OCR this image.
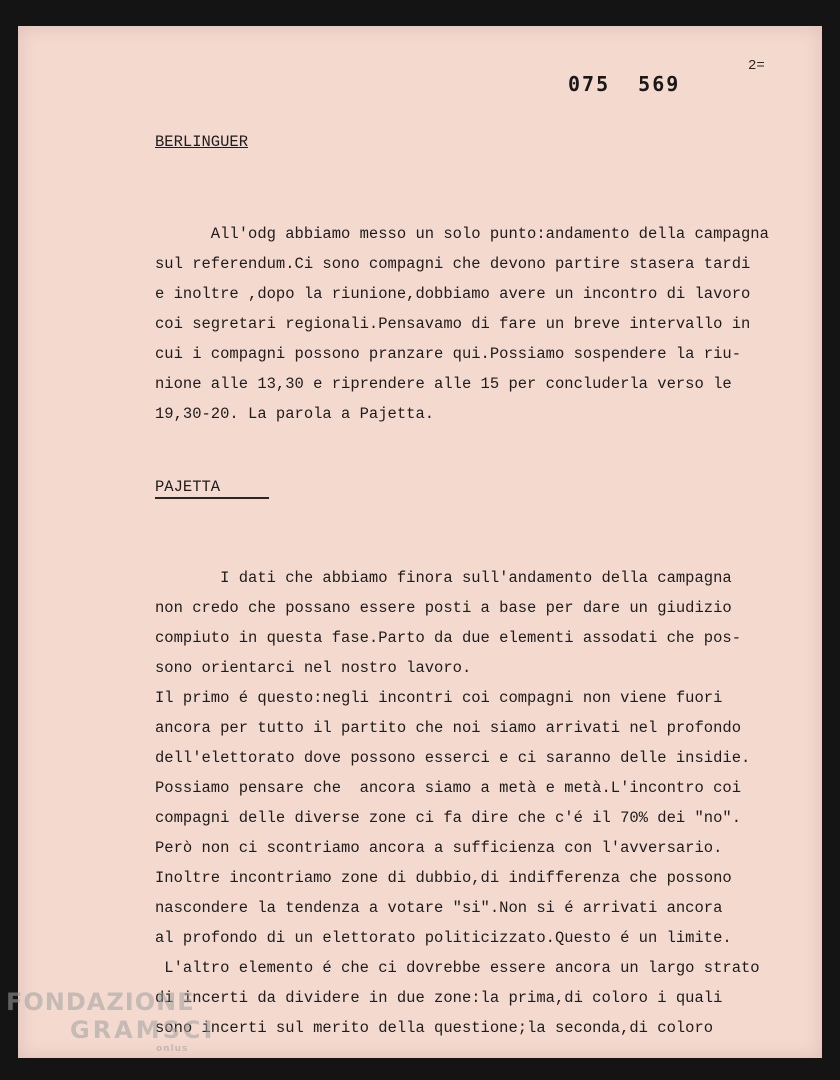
2=
075 569
BERLINGUER

All'odg abbiamo messo un solo punto:andamento della campagna
sul referendum.Ci sono compagni che devono partire stasera tardi
e inoltre ,dopo la riunione,dobbiamo avere un incontro di lavoro
coi segretari regionali.Pensavamo di fare un breve intervallo in
cui i compagni possono pranzare qui.Possiamo sospendere la riu-
nione alle 13,30 e riprendere alle 15 per concluderla verso le
19,30-20. La parola a Pajetta.

PAJETTA

I dati che abbiamo finora sull'andamento della campagna
non credo che possano essere posti a base per dare un giudizio
compiuto in questa fase.Parto da due elementi assodati che pos-
sono orientarci nel nostro lavoro.
Il primo é questo:negli incontri coi compagni non viene fuori
ancora per tutto il partito che noi siamo arrivati nel profondo
dell'elettorato dove possono esserci e ci saranno delle insidie.
Possiamo pensare che  ancora siamo a metà e metà.L'incontro coi
compagni delle diverse zone ci fa dire che c'é il 70% dei "no".
Però non ci scontriamo ancora a sufficienza con l'avversario.
Inoltre incontriamo zone di dubbio,di indifferenza che possono
nascondere la tendenza a votare "si".Non si é arrivati ancora
al profondo di un elettorato politicizzato.Questo é un limite.
L'altro elemento é che ci dovrebbe essere ancora un largo strato
di incerti da dividere in due zone:la prima,di coloro i quali
sono incerti sul merito della questione;la seconda,di coloro

FONDAZIONE
GRAMSCI
onlus
